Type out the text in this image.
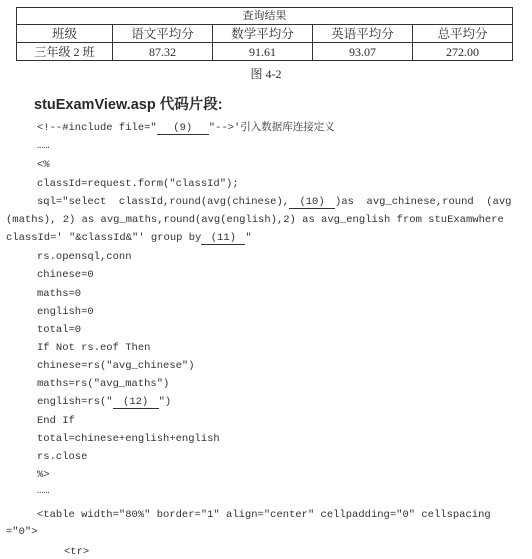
查询结果				
班级	语文平均分	数学平均分	英语平均分	总平均分
三年级 2 班	87.32	91.61	93.07	272.00
图 4-2
stuExamView.asp 代码片段:
<!--#include file=" (9) "-->'引入数据库连接定义
……
<%
classId=request.form("classId");
sql="select  classId,round(avg(chinese), (10) )as  avg_chinese,round  (avg
(maths), 2) as avg_maths,round(avg(english),2) as avg_english from stuExamwhere
classId=' "&classId&"' group by (11) "
rs.opensql,conn
chinese=0
maths=0
english=0
total=0
If Not rs.eof Then
chinese=rs("avg_chinese")
maths=rs("avg_maths")
english=rs(" (12) ")
End If
total=chinese+english+english
rs.close
%>
……
<table width="80%" border="1" align="center" cellpadding="0" cellspacing
="0">
<tr>
